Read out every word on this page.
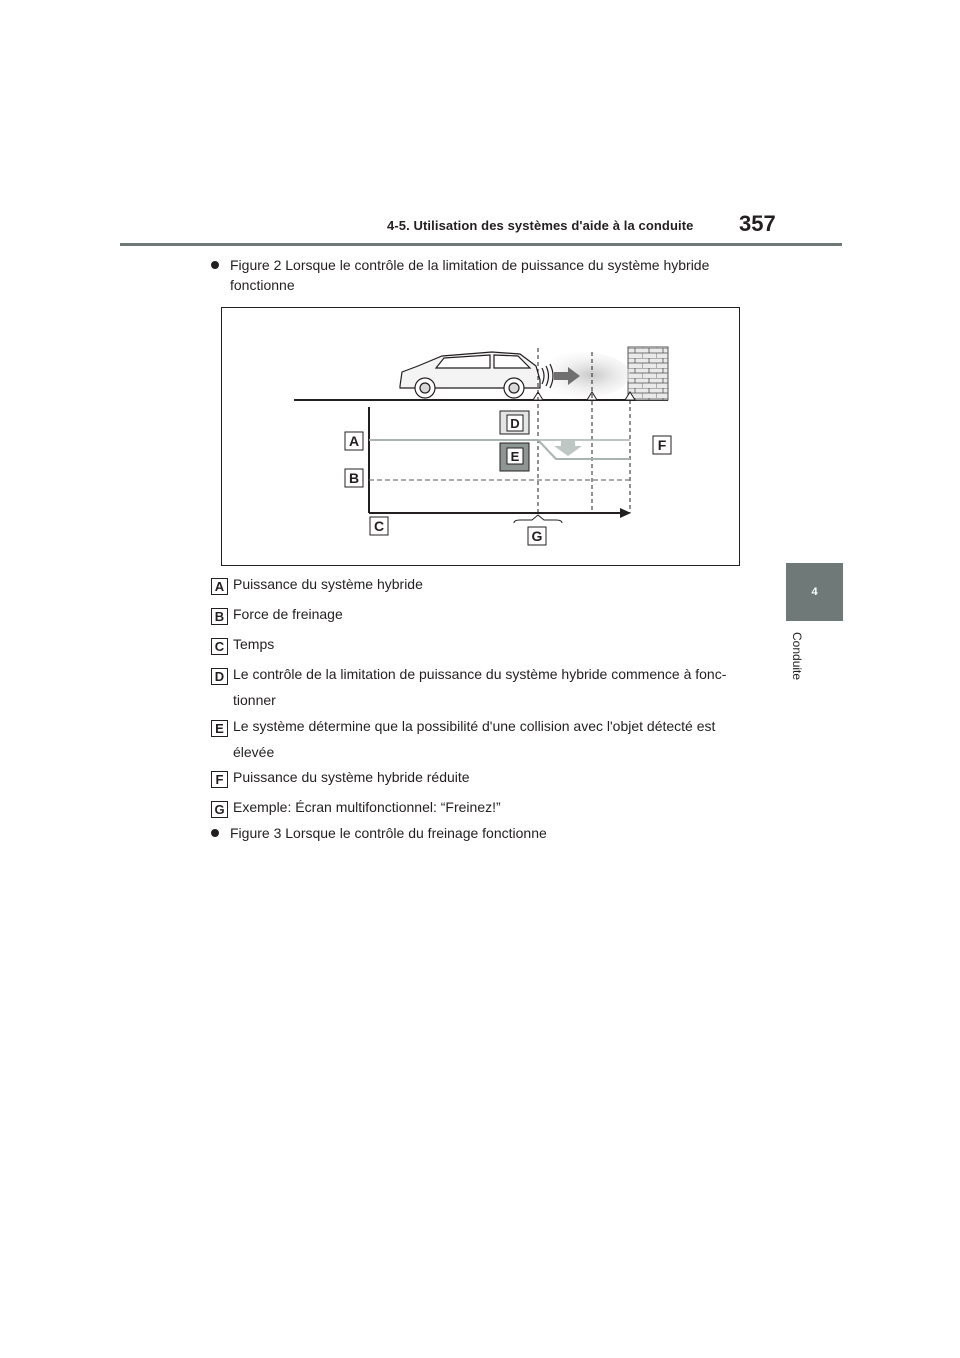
4-5. Utilisation des systèmes d'aide à la conduite 357
4
Conduite
Figure 2 Lorsque le contrôle de la limitation de puissance du système hybride
fonctionne
A
B
C
D
E
F
G
A Puissance du système hybride
B Force de freinage
C Temps
D Le contrôle de la limitation de puissance du système hybride commence à fonc-
tionner
E Le système détermine que la possibilité d'une collision avec l'objet détecté est
élevée
F Puissance du système hybride réduite
G Exemple: Écran multifonctionnel: “Freinez!”
Figure 3 Lorsque le contrôle du freinage fonctionne
